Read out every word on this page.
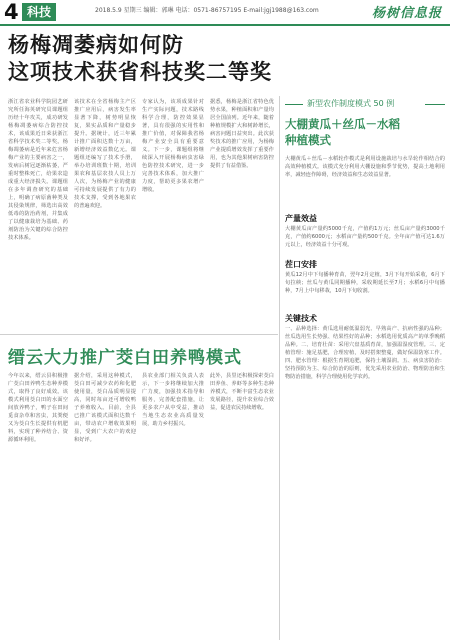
4 科技	2018.5.9 星期三 编辑：郭琳 电话：0571-86757195 E-mail:jgj1988@163.com	杨树信息报
杨梅凋萎病如何防
这项技术获省科技奖二等奖

浙江省农业科学院园艺研究所任海英研究员课题组历经十年攻关，成功研发杨梅凋萎病综合防控技术，该成果近日荣获浙江省科学技术奖二等奖。杨梅凋萎病是近年来危害杨梅产业的主要病害之一，发病后树冠逐渐枯萎，严重时整株死亡，给果农造成重大经济损失。课题组在多年调查研究的基础上，明确了病原菌种类及其侵染规律，筛选出高效低毒的防治药剂，并集成了以健康栽培为基础、药剂防治为关键的综合防控技术体系。

该技术在全省杨梅主产区推广应用后，病害发生率显著下降，树势明显恢复，果实品质和产量稳步提升。据统计，近三年累计推广面积达数十万亩，新增经济效益数亿元。课题组还编写了技术手册，举办培训班数十期，培训果农和基层农技人员上万人次，为杨梅产业的健康可持续发展提供了有力的技术支撑，受到各地果农的普遍欢迎。

专家认为，该项成果针对生产实际问题，技术路线科学合理，防控效果显著，具有很强的实用性和推广价值，对保障我省杨梅产业安全具有重要意义。下一步，课题组将继续深入开展杨梅病虫害绿色防控技术研究，进一步完善技术体系，加大推广力度，帮助更多果农增产增收。

据悉，杨梅是浙江省特色优势水果，种植面积和产量均居全国前列。近年来，随着种植规模扩大和树龄增长，病害问题日益突出。此次获奖技术的推广应用，为杨梅产业提质增效发挥了重要作用，也为其他果树病害防控提供了有益借鉴。

缙云大力推广茭白田养鸭模式

今年以来，缙云县积极推广茭白田养鸭生态种养模式，取得了良好成效。该模式利用茭白田的水面空间放养鸭子，鸭子在田间觅食杂草和害虫，其粪便又为茭白生长提供有机肥料，实现了种养结合、资源循环利用。

据介绍，采用这种模式，茭白田可减少农药和化肥使用量，茭白品质明显提高，同时每亩还可增收鸭子养殖收入。目前，全县已推广该模式面积达数千亩，带动农户增收效果明显，受到广大农户的欢迎和好评。

县农业部门相关负责人表示，下一步将继续加大推广力度，加强技术指导和服务，完善配套措施，让更多农户从中受益，推动当地生态农业高质量发展，助力乡村振兴。

此外，县里还积极探索茭白田养鱼、养虾等多种生态种养模式，不断丰富生态农业发展路径，提升农业综合效益，促进农民持续增收。

新型农作制度模式 50 例
大棚黄瓜＋丝瓜－水稻
种植模式

大棚黄瓜＋丝瓜－水稻轮作模式是利用设施栽培与水旱轮作相结合的高效种植模式。该模式充分利用大棚设施和季节优势，提高土地利用率，减轻连作障碍，经济效益和生态效益显著。

产量效益

大棚黄瓜亩产量约5000千克，产值约1万元；丝瓜亩产量约3000千克，产值约6000元；水稻亩产量约500千克。全年亩产值可达1.6万元以上，经济效益十分可观。

茬口安排

黄瓜12月中下旬播种育苗，翌年2月定植，3月下旬开始采收，6月下旬拉秧；丝瓜与黄瓜同期播种，采收期延长至7月；水稻6月中旬播种，7月上中旬移栽，10月下旬收割。

关键技术

一、品种选择：黄瓜选用耐低温弱光、早熟高产、抗病性强的品种；丝瓜选用生长势强、结果性好的品种；水稻选用优质高产的单季晚稻品种。二、培育壮苗：采用穴盘基质育苗，加强温湿度管理。三、定植管理：施足基肥，合理密植，及时搭架整蔓，做好保温防寒工作。四、肥水管理：根据生育期追肥，保持土壤湿润。五、病虫害防治：坚持预防为主、综合防治的原则，优先采用农业防治、物理防治和生物防治措施，科学合理使用化学农药。
